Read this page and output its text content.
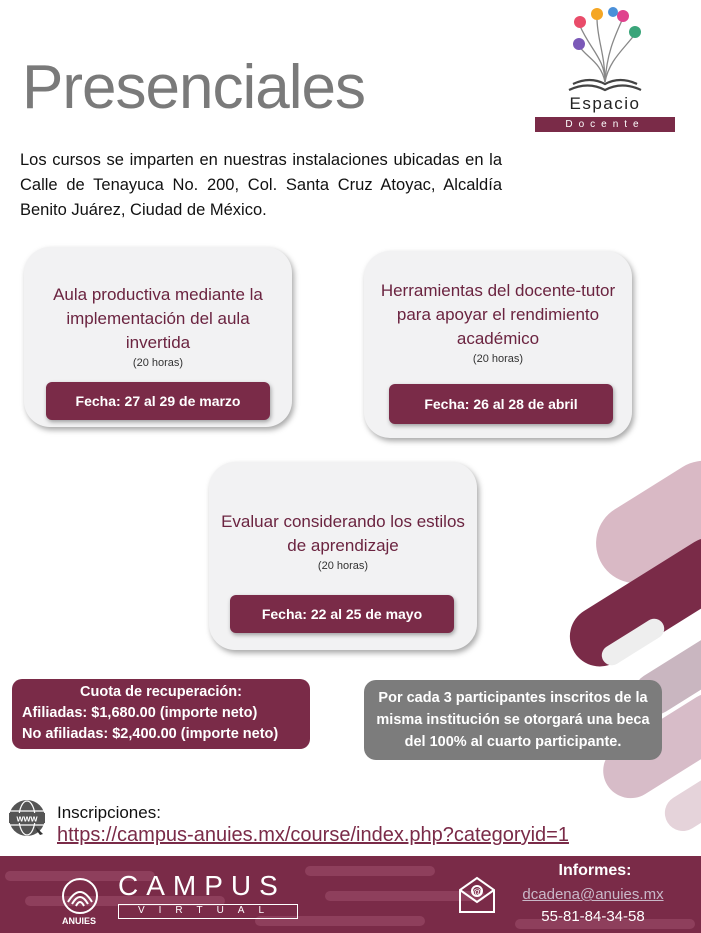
Presenciales	Espacio
Docente
Los cursos se imparten en nuestras instalaciones ubicadas en la Calle de Tenayuca No. 200, Col. Santa Cruz Atoyac, Alcaldía Benito Juárez, Ciudad de México.
Aula productiva mediante la implementación del aula invertida
(20 horas)
Fecha: 27 al 29 de marzo
Herramientas del docente-tutor para apoyar el rendimiento académico
(20 horas)
Fecha: 26 al 28 de abril
Evaluar considerando los estilos de aprendizaje
(20 horas)
Fecha: 22 al 25 de mayo
Cuota de recuperación:
Afiliadas: $1,680.00 (importe neto)
No afiliadas: $2,400.00 (importe neto)
Por cada 3 participantes inscritos de la misma institución se otorgará una beca del 100% al cuarto participante.
www Inscripciones:
https://campus-anuies.mx/course/index.php?categoryid=1
ANUIES
CAMPUS
VIRTUAL
@
Informes:
dcadena@anuies.mx
55-81-84-34-58
